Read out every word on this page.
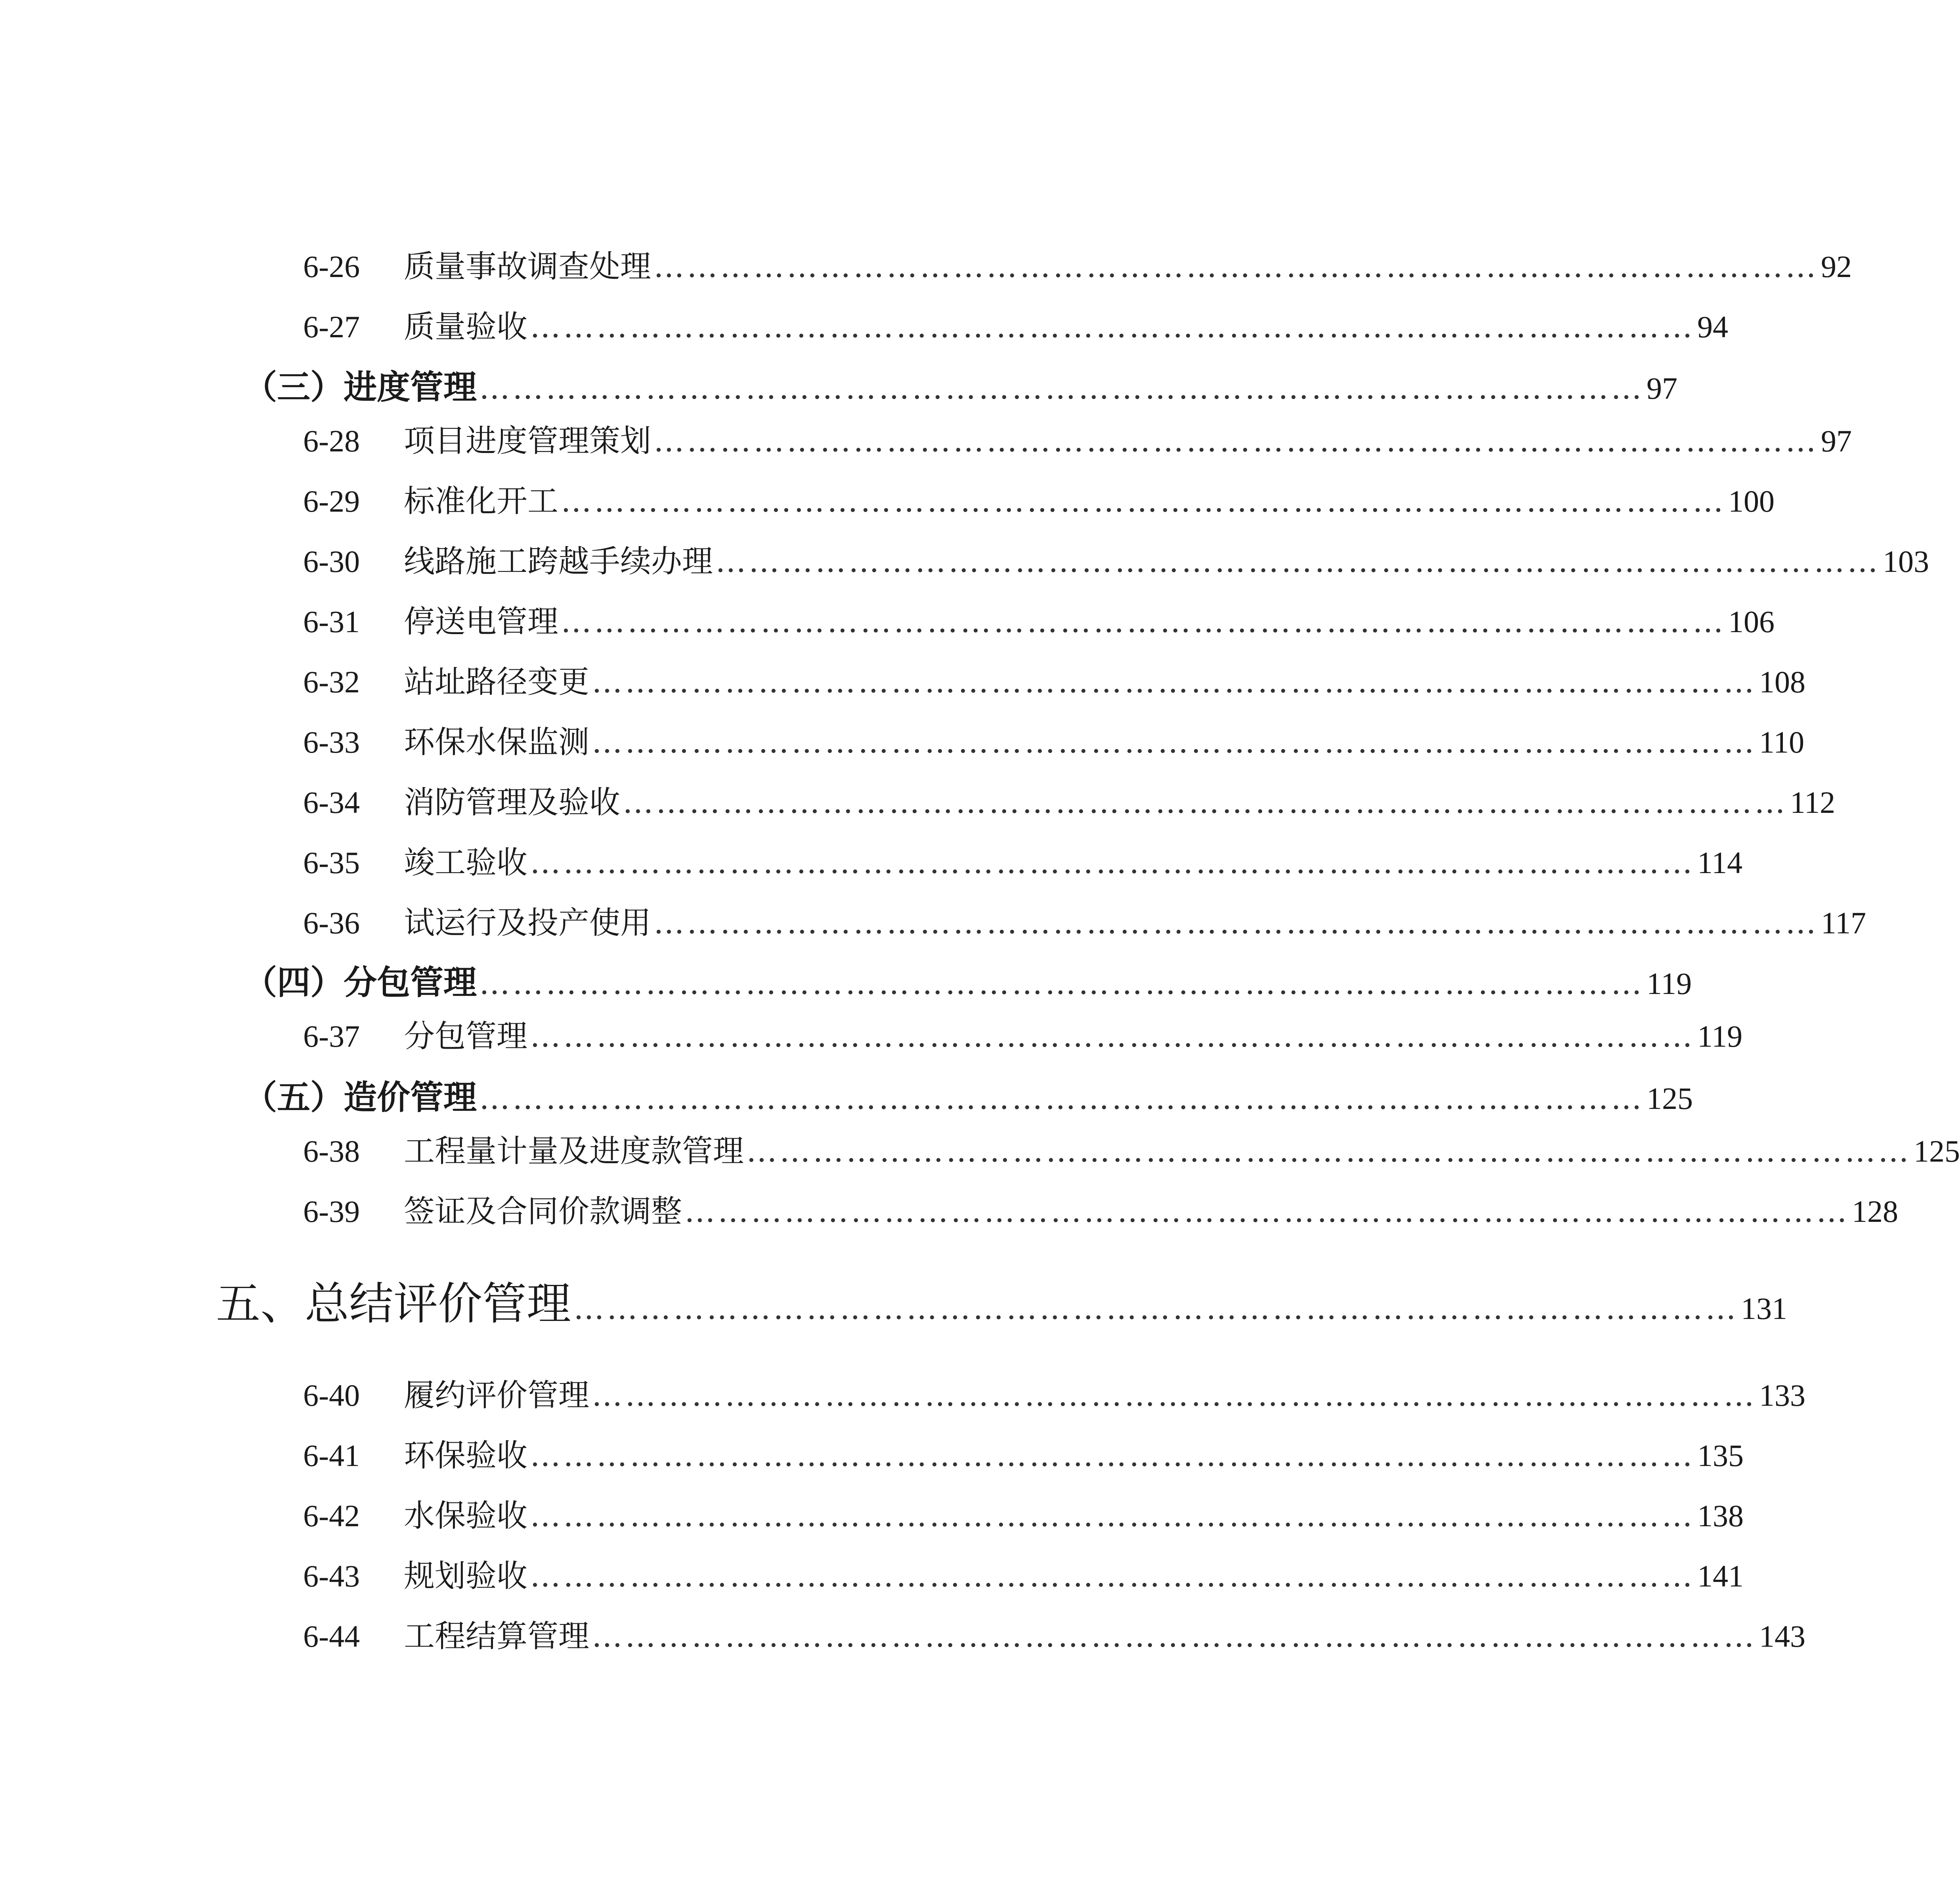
6-26	质量事故调查处理 …………………………………………………………………………………………… 92
6-27	质量验收 …………………………………………………………………………………………… 94
（三）进度管理 …………………………………………………………………………………………… 97
6-28	项目进度管理策划 …………………………………………………………………………………………… 97
6-29	标准化开工 …………………………………………………………………………………………… 100
6-30	线路施工跨越手续办理 …………………………………………………………………………………………… 103
6-31	停送电管理 …………………………………………………………………………………………… 106
6-32	站址路径变更 …………………………………………………………………………………………… 108
6-33	环保水保监测 …………………………………………………………………………………………… 110
6-34	消防管理及验收 …………………………………………………………………………………………… 112
6-35	竣工验收 …………………………………………………………………………………………… 114
6-36	试运行及投产使用 …………………………………………………………………………………………… 117
（四）分包管理 …………………………………………………………………………………………… 119
6-37	分包管理 …………………………………………………………………………………………… 119
（五）造价管理 …………………………………………………………………………………………… 125
6-38	工程量计量及进度款管理 …………………………………………………………………………………………… 125
6-39	签证及合同价款调整 …………………………………………………………………………………………… 128
五、总结评价管理 …………………………………………………………………………………………… 131
6-40	履约评价管理 …………………………………………………………………………………………… 133
6-41	环保验收 …………………………………………………………………………………………… 135
6-42	水保验收 …………………………………………………………………………………………… 138
6-43	规划验收 …………………………………………………………………………………………… 141
6-44	工程结算管理 …………………………………………………………………………………………… 143
